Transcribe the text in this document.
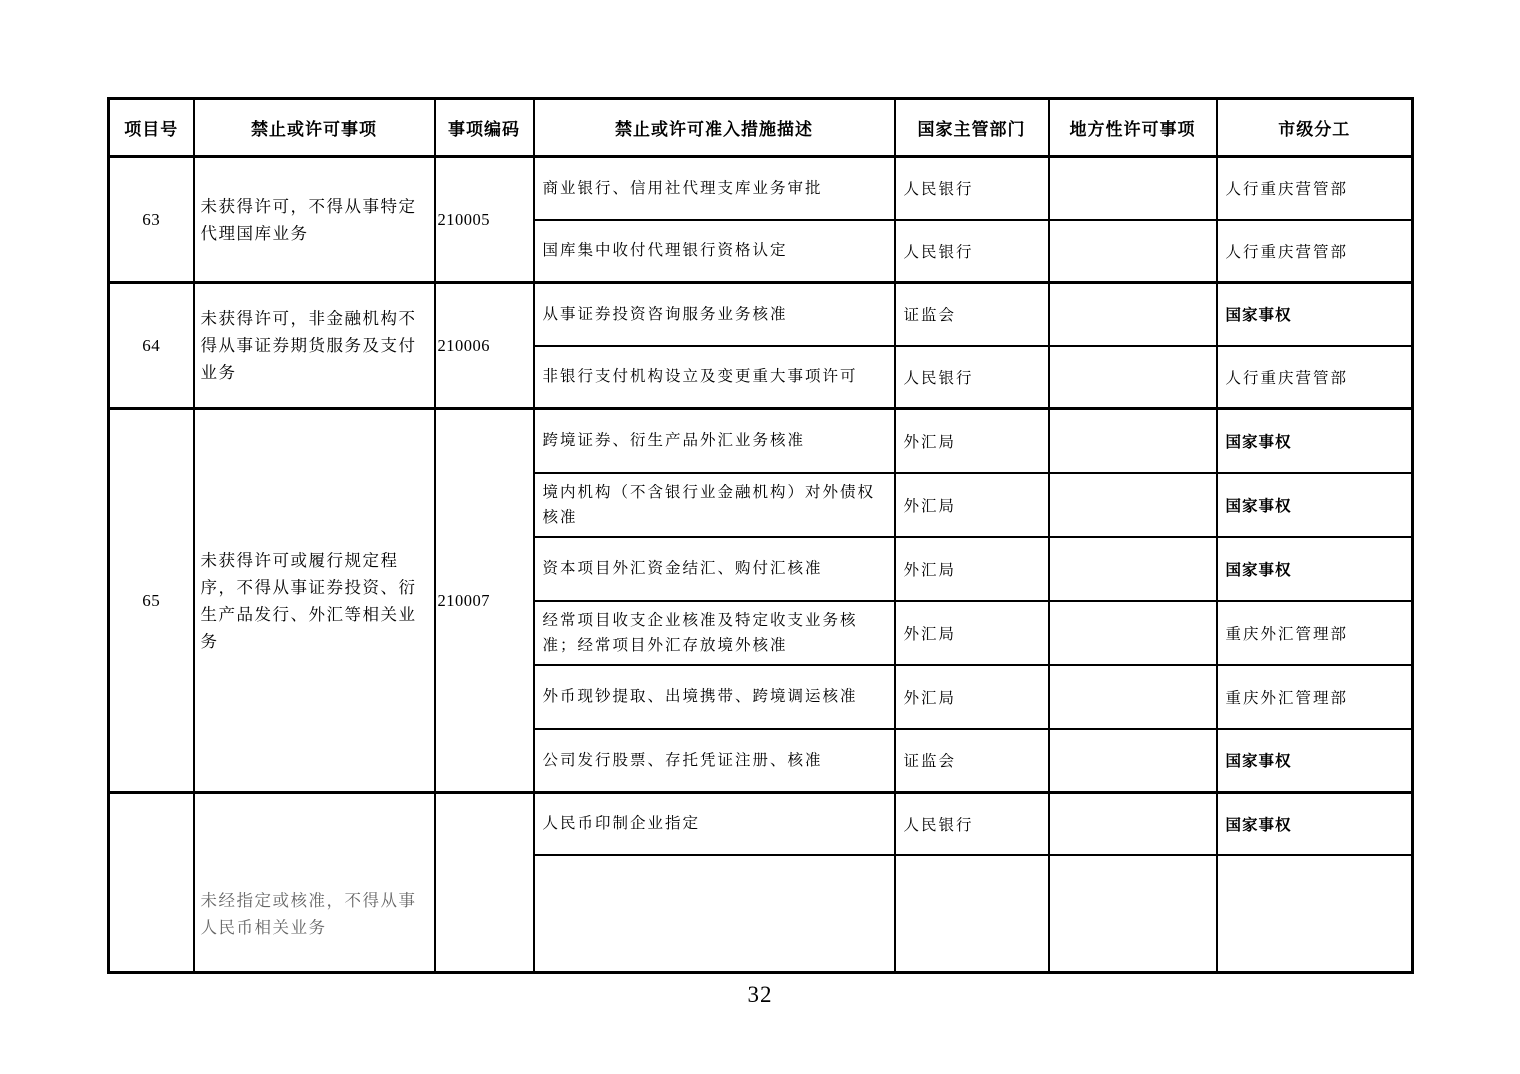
项目号	禁止或许可事项	事项编码	禁止或许可准入措施描述	国家主管部门	地方性许可事项	市级分工
63	未获得许可，不得从事特定代理国库业务	210005	商业银行、信用社代理支库业务审批	人民银行		人行重庆营管部
			国库集中收付代理银行资格认定	人民银行		人行重庆营管部
64	未获得许可，非金融机构不得从事证券期货服务及支付业务	210006	从事证券投资咨询服务业务核准	证监会		国家事权
			非银行支付机构设立及变更重大事项许可	人民银行		人行重庆营管部
65	未获得许可或履行规定程序，不得从事证券投资、衍生产品发行、外汇等相关业务	210007	跨境证券、衍生产品外汇业务核准	外汇局		国家事权
			境内机构（不含银行业金融机构）对外债权核准	外汇局		国家事权
			资本项目外汇资金结汇、购付汇核准	外汇局		国家事权
			经常项目收支企业核准及特定收支业务核准；经常项目外汇存放境外核准	外汇局		重庆外汇管理部
			外币现钞提取、出境携带、跨境调运核准	外汇局		重庆外汇管理部
			公司发行股票、存托凭证注册、核准	证监会		国家事权

	未经指定或核准，不得从事人民币相关业务		人民币印制企业指定	人民银行		国家事权

32
